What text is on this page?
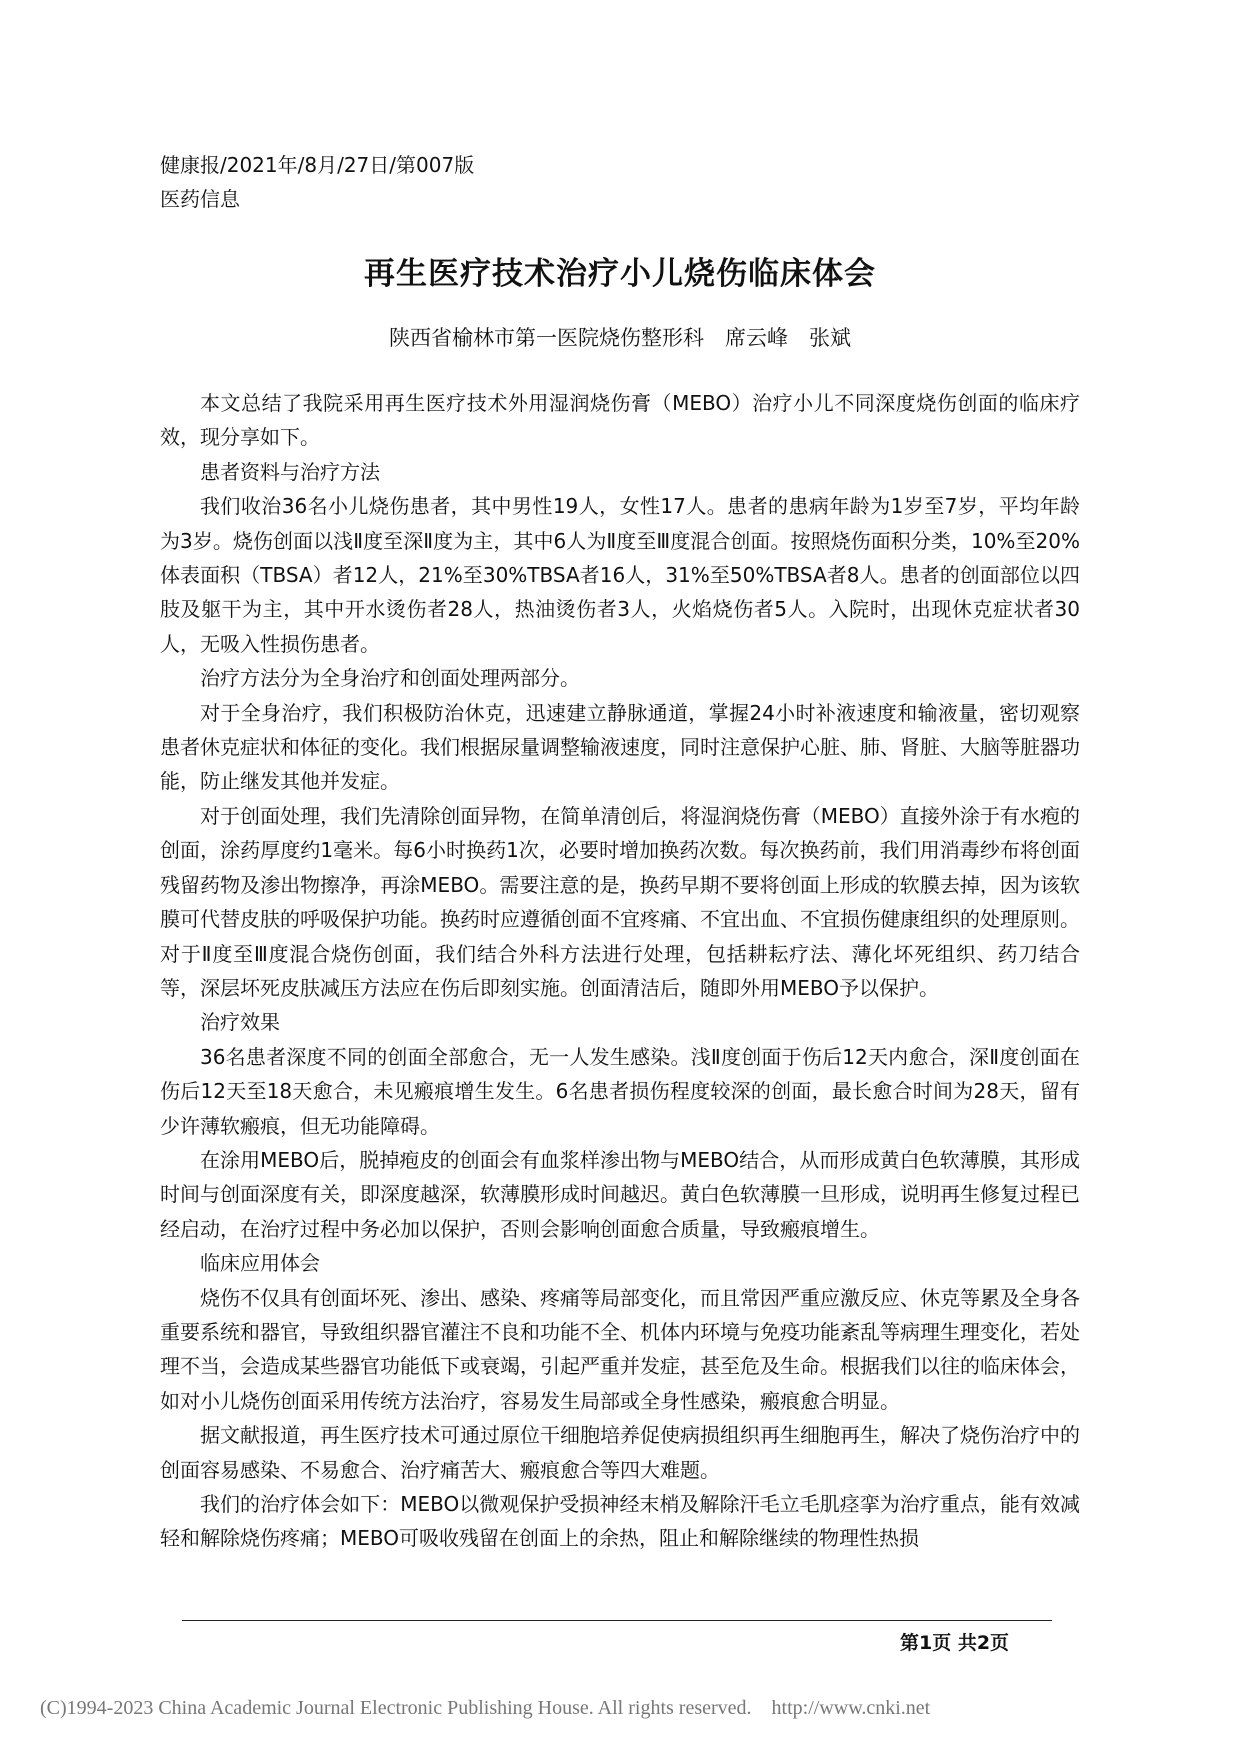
健康报/2021年/8月/27日/第007版
医药信息
再生医疗技术治疗小儿烧伤临床体会
陕西省榆林市第一医院烧伤整形科　席云峰　张斌

本文总结了我院采用再生医疗技术外用湿润烧伤膏（MEBO）治疗小儿不同深度烧伤创面的临床疗效，现分享如下。

患者资料与治疗方法

我们收治36名小儿烧伤患者，其中男性19人，女性17人。患者的患病年龄为1岁至7岁，平均年龄为3岁。烧伤创面以浅Ⅱ度至深Ⅱ度为主，其中6人为Ⅱ度至Ⅲ度混合创面。按照烧伤面积分类，10%至20%体表面积（TBSA）者12人，21%至30%TBSA者16人，31%至50%TBSA者8人。患者的创面部位以四肢及躯干为主，其中开水烫伤者28人，热油烫伤者3人，火焰烧伤者5人。入院时，出现休克症状者30人，无吸入性损伤患者。

治疗方法分为全身治疗和创面处理两部分。

对于全身治疗，我们积极防治休克，迅速建立静脉通道，掌握24小时补液速度和输液量，密切观察患者休克症状和体征的变化。我们根据尿量调整输液速度，同时注意保护心脏、肺、肾脏、大脑等脏器功能，防止继发其他并发症。

对于创面处理，我们先清除创面异物，在简单清创后，将湿润烧伤膏（MEBO）直接外涂于有水疱的创面，涂药厚度约1毫米。每6小时换药1次，必要时增加换药次数。每次换药前，我们用消毒纱布将创面残留药物及渗出物擦净，再涂MEBO。需要注意的是，换药早期不要将创面上形成的软膜去掉，因为该软膜可代替皮肤的呼吸保护功能。换药时应遵循创面不宜疼痛、不宜出血、不宜损伤健康组织的处理原则。对于Ⅱ度至Ⅲ度混合烧伤创面，我们结合外科方法进行处理，包括耕耘疗法、薄化坏死组织、药刀结合等，深层坏死皮肤减压方法应在伤后即刻实施。创面清洁后，随即外用MEBO予以保护。

治疗效果

36名患者深度不同的创面全部愈合，无一人发生感染。浅Ⅱ度创面于伤后12天内愈合，深Ⅱ度创面在伤后12天至18天愈合，未见瘢痕增生发生。6名患者损伤程度较深的创面，最长愈合时间为28天，留有少许薄软瘢痕，但无功能障碍。

在涂用MEBO后，脱掉疱皮的创面会有血浆样渗出物与MEBO结合，从而形成黄白色软薄膜，其形成时间与创面深度有关，即深度越深，软薄膜形成时间越迟。黄白色软薄膜一旦形成，说明再生修复过程已经启动，在治疗过程中务必加以保护，否则会影响创面愈合质量，导致瘢痕增生。

临床应用体会

烧伤不仅具有创面坏死、渗出、感染、疼痛等局部变化，而且常因严重应激反应、休克等累及全身各重要系统和器官，导致组织器官灌注不良和功能不全、机体内环境与免疫功能紊乱等病理生理变化，若处理不当，会造成某些器官功能低下或衰竭，引起严重并发症，甚至危及生命。根据我们以往的临床体会，如对小儿烧伤创面采用传统方法治疗，容易发生局部或全身性感染，瘢痕愈合明显。

据文献报道，再生医疗技术可通过原位干细胞培养促使病损组织再生细胞再生，解决了烧伤治疗中的创面容易感染、不易愈合、治疗痛苦大、瘢痕愈合等四大难题。

我们的治疗体会如下：MEBO以微观保护受损神经末梢及解除汗毛立毛肌痉挛为治疗重点，能有效减轻和解除烧伤疼痛；MEBO可吸收残留在创面上的余热，阻止和解除继续的物理性热损

第1页 共2页
(C)1994-2023 China Academic Journal Electronic Publishing House. All rights reserved.    http://www.cnki.net
